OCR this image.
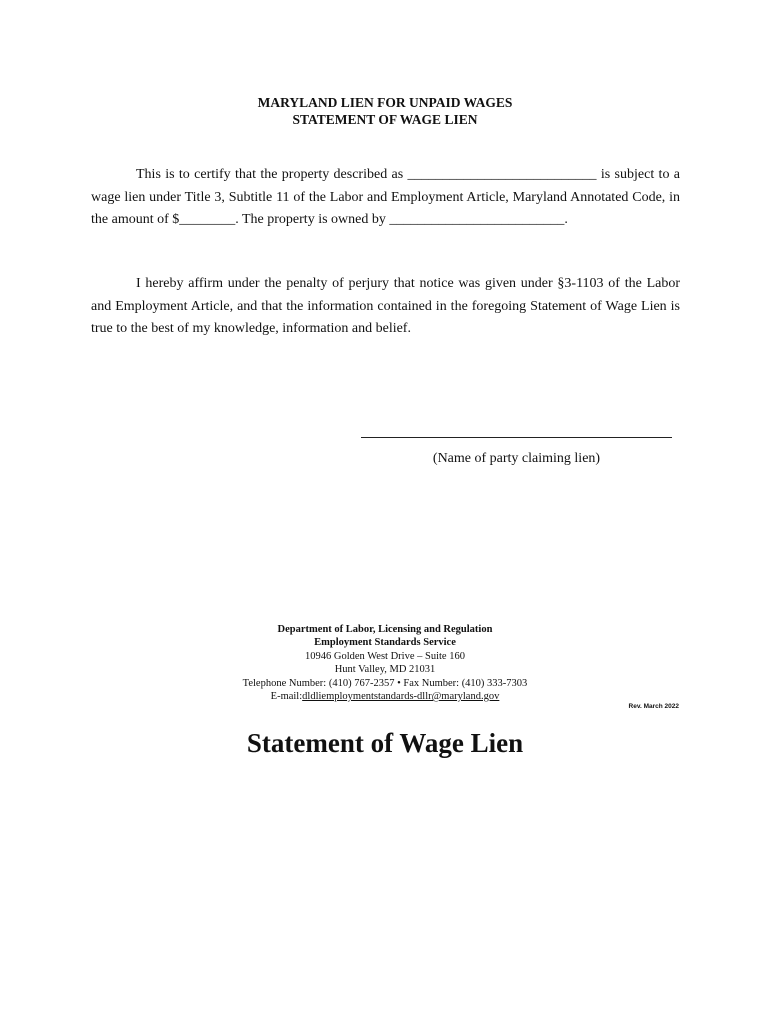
MARYLAND LIEN FOR UNPAID WAGES
STATEMENT OF WAGE LIEN
This is to certify that the property described as ___________________________ is subject to a wage lien under Title 3, Subtitle 11 of the Labor and Employment Article, Maryland Annotated Code, in the amount of $________. The property is owned by _________________________.
I hereby affirm under the penalty of perjury that notice was given under §3-1103 of the Labor and Employment Article, and that the information contained in the foregoing Statement of Wage Lien is true to the best of my knowledge, information and belief.
(Name of party claiming lien)
Department of Labor, Licensing and Regulation
Employment Standards Service
10946 Golden West Drive – Suite 160
Hunt Valley, MD 21031
Telephone Number: (410) 767-2357 • Fax Number: (410) 333-7303
E-mail:dldliemploymentstandards-dllr@maryland.gov
Rev. March 2022
Statement of Wage Lien
